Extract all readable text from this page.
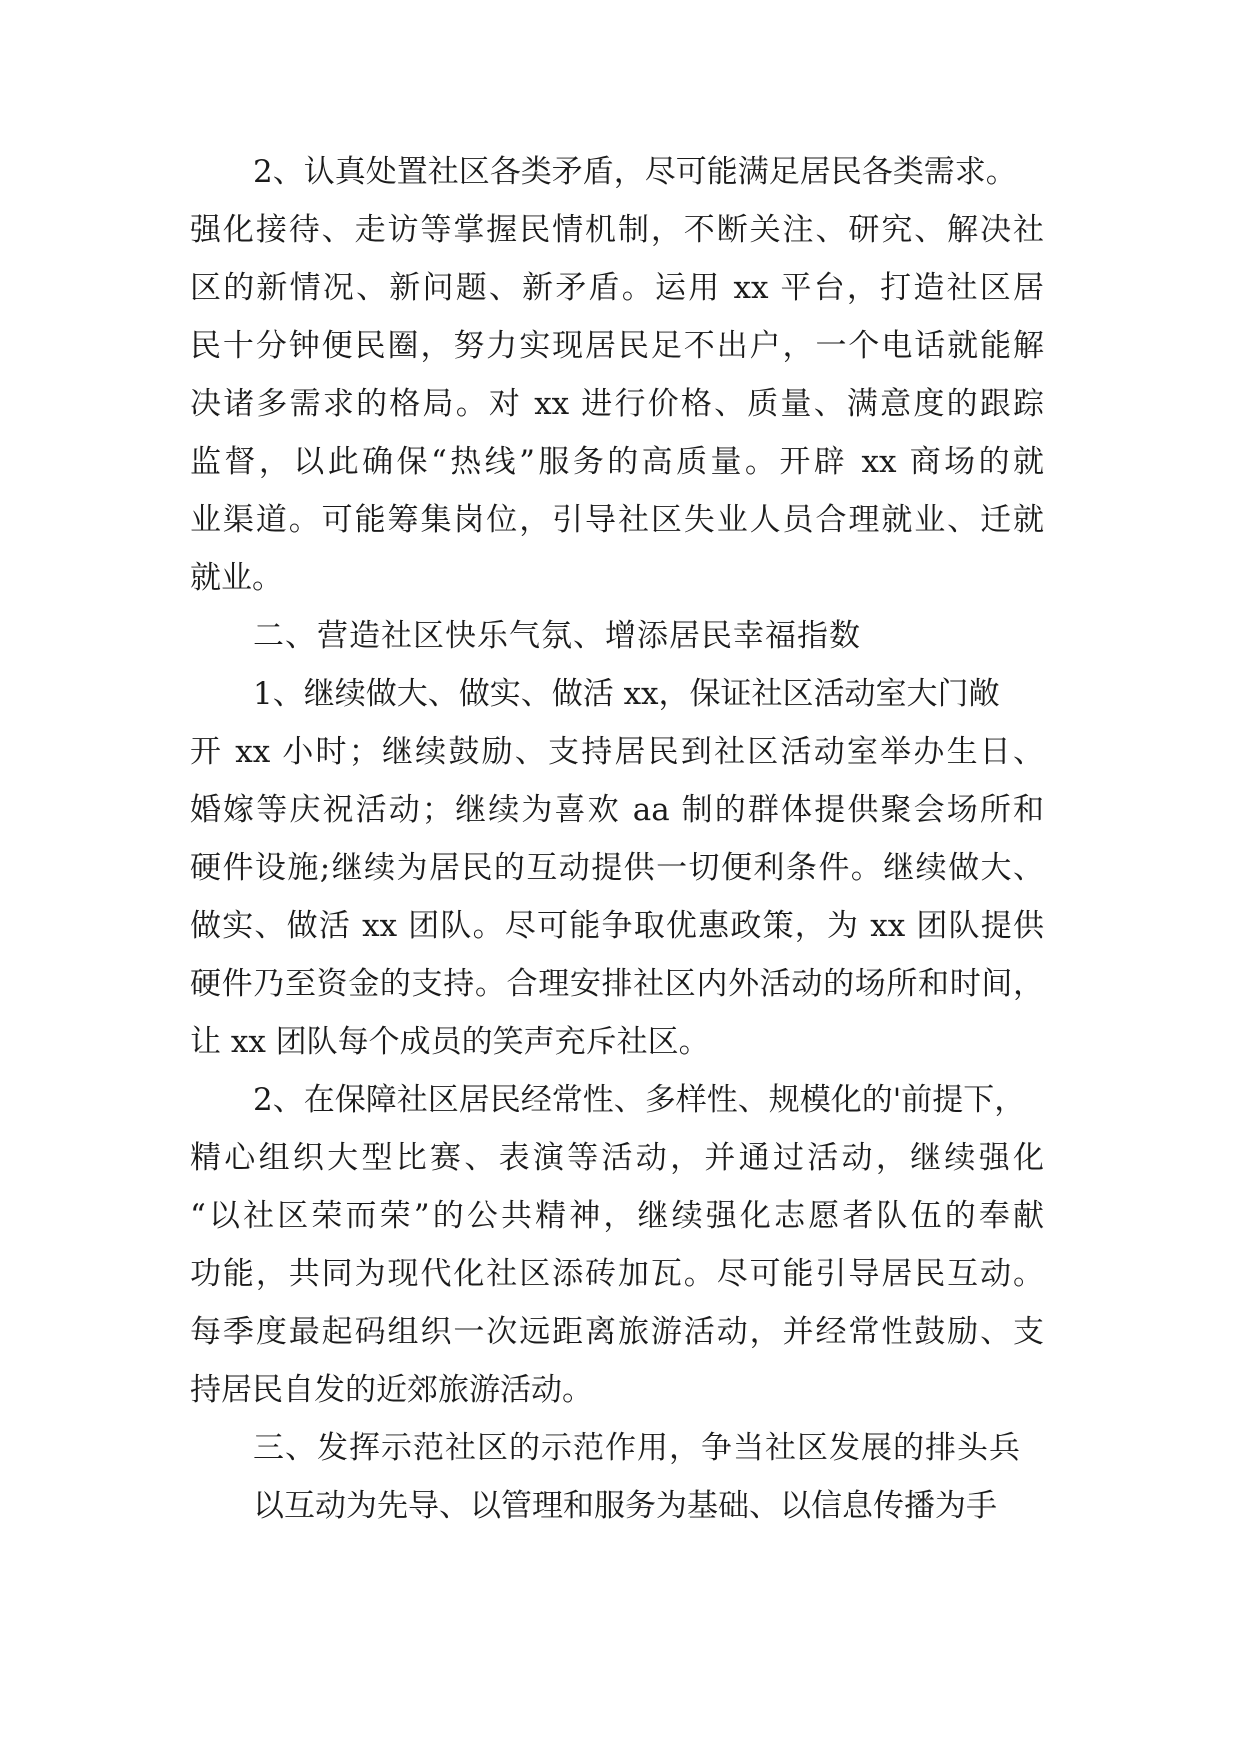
2、认真处置社区各类矛盾，尽可能满足居民各类需求。
强化接待、走访等掌握民情机制，不断关注、研究、解决社
区的新情况、新问题、新矛盾。运用 xx 平台，打造社区居
民十分钟便民圈，努力实现居民足不出户，一个电话就能解
决诸多需求的格局。对 xx 进行价格、质量、满意度的跟踪
监督，以此确保“热线”服务的高质量。开辟 xx 商场的就
业渠道。可能筹集岗位，引导社区失业人员合理就业、迁就
就业。
二、营造社区快乐气氛、增添居民幸福指数
1、继续做大、做实、做活 xx，保证社区活动室大门敞
开 xx 小时；继续鼓励、支持居民到社区活动室举办生日、
婚嫁等庆祝活动；继续为喜欢 aa 制的群体提供聚会场所和
硬件设施;继续为居民的互动提供一切便利条件。继续做大、
做实、做活 xx 团队。尽可能争取优惠政策，为 xx 团队提供
硬件乃至资金的支持。合理安排社区内外活动的场所和时间，
让 xx 团队每个成员的笑声充斥社区。
2、在保障社区居民经常性、多样性、规模化的'前提下，
精心组织大型比赛、表演等活动，并通过活动，继续强化
“以社区荣而荣”的公共精神，继续强化志愿者队伍的奉献
功能，共同为现代化社区添砖加瓦。尽可能引导居民互动。
每季度最起码组织一次远距离旅游活动，并经常性鼓励、支
持居民自发的近郊旅游活动。
三、发挥示范社区的示范作用，争当社区发展的排头兵
以互动为先导、以管理和服务为基础、以信息传播为手
